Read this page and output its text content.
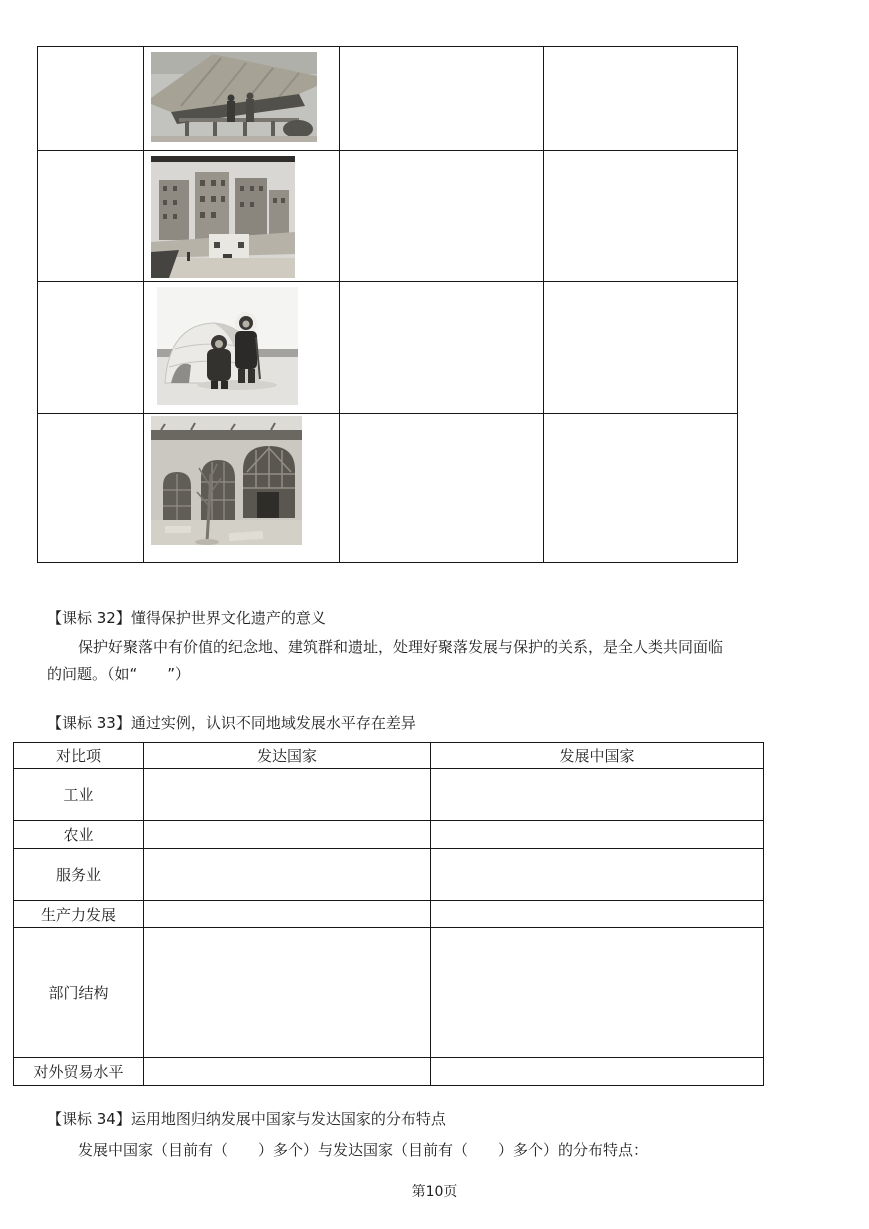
【课标 32】懂得保护世界文化遗产的意义
保护好聚落中有价值的纪念地、建筑群和遗址，处理好聚落发展与保护的关系，是全人类共同面临
的问题。（如“　　”）
【课标 33】通过实例，认识不同地域发展水平存在差异
对比项	发达国家	发展中国家
工业		
农业		
服务业		
生产力发展		
部门结构		
对外贸易水平		
【课标 34】运用地图归纳发展中国家与发达国家的分布特点
发展中国家（目前有（　　）多个）与发达国家（目前有（　　）多个）的分布特点：
第10页
